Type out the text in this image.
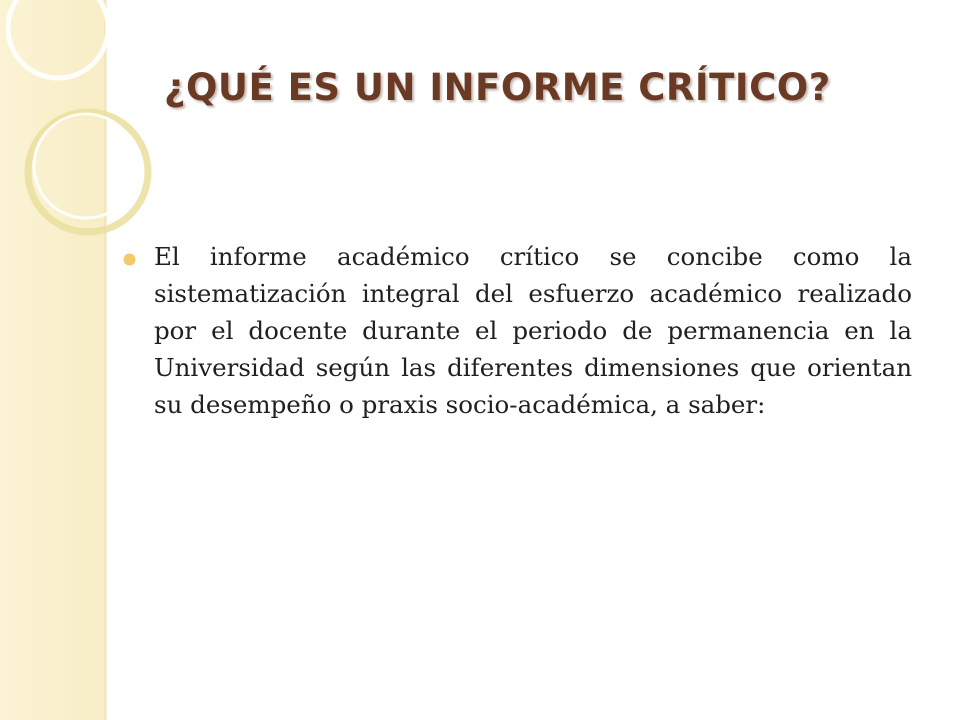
¿QUÉ ES UN INFORME CRÍTICO?

El informe académico crítico se concibe como la sistematización integral del esfuerzo académico realizado por el docente durante el periodo de permanencia en la Universidad según las diferentes dimensiones que orientan su desempeño o praxis socio-académica, a saber:
